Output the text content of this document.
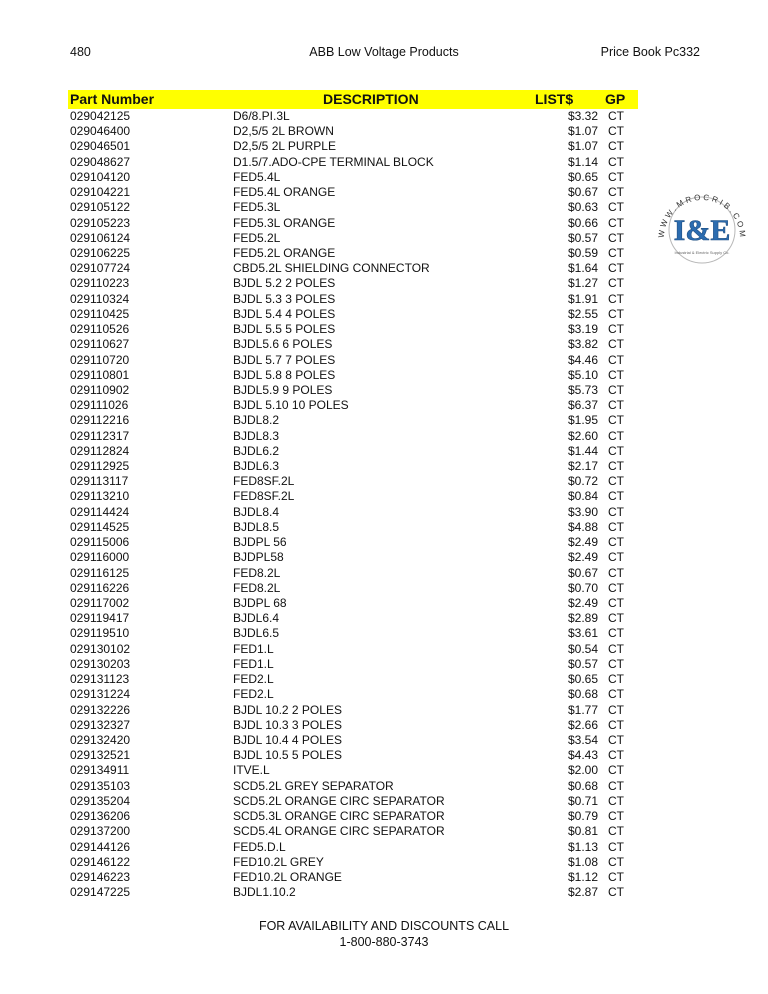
480	ABB Low Voltage Products	Price Book Pc332
Part Number	DESCRIPTION	LIST$ GP
029042125	D6/8.PI.3L	$3.32 CT
029046400	D2,5/5 2L BROWN	$1.07 CT
029046501	D2,5/5 2L PURPLE	$1.07 CT
029048627	D1.5/7.ADO-CPE TERMINAL BLOCK	$1.14 CT
029104120	FED5.4L	$0.65 CT
029104221	FED5.4L ORANGE	$0.67 CT
029105122	FED5.3L	$0.63 CT
029105223	FED5.3L ORANGE	$0.66 CT
029106124	FED5.2L	$0.57 CT
029106225	FED5.2L ORANGE	$0.59 CT
029107724	CBD5.2L SHIELDING CONNECTOR	$1.64 CT
029110223	BJDL 5.2 2 POLES	$1.27 CT
029110324	BJDL 5.3 3 POLES	$1.91 CT
029110425	BJDL 5.4 4 POLES	$2.55 CT
029110526	BJDL 5.5 5 POLES	$3.19 CT
029110627	BJDL5.6 6 POLES	$3.82 CT
029110720	BJDL 5.7 7 POLES	$4.46 CT
029110801	BJDL 5.8 8 POLES	$5.10 CT
029110902	BJDL5.9 9 POLES	$5.73 CT
029111026	BJDL 5.10 10 POLES	$6.37 CT
029112216	BJDL8.2	$1.95 CT
029112317	BJDL8.3	$2.60 CT
029112824	BJDL6.2	$1.44 CT
029112925	BJDL6.3	$2.17 CT
029113117	FED8SF.2L	$0.72 CT
029113210	FED8SF.2L	$0.84 CT
029114424	BJDL8.4	$3.90 CT
029114525	BJDL8.5	$4.88 CT
029115006	BJDPL 56	$2.49 CT
029116000	BJDPL58	$2.49 CT
029116125	FED8.2L	$0.67 CT
029116226	FED8.2L	$0.70 CT
029117002	BJDPL 68	$2.49 CT
029119417	BJDL6.4	$2.89 CT
029119510	BJDL6.5	$3.61 CT
029130102	FED1.L	$0.54 CT
029130203	FED1.L	$0.57 CT
029131123	FED2.L	$0.65 CT
029131224	FED2.L	$0.68 CT
029132226	BJDL 10.2 2 POLES	$1.77 CT
029132327	BJDL 10.3 3 POLES	$2.66 CT
029132420	BJDL 10.4 4 POLES	$3.54 CT
029132521	BJDL 10.5 5 POLES	$4.43 CT
029134911	ITVE.L	$2.00 CT
029135103	SCD5.2L GREY SEPARATOR	$0.68 CT
029135204	SCD5.2L ORANGE CIRC SEPARATOR	$0.71 CT
029136206	SCD5.3L ORANGE CIRC SEPARATOR	$0.79 CT
029137200	SCD5.4L ORANGE CIRC SEPARATOR	$0.81 CT
029144126	FED5.D.L	$1.13 CT
029146122	FED10.2L GREY	$1.08 CT
029146223	FED10.2L ORANGE	$1.12 CT
029147225	BJDL1.10.2	$2.87 CT
WWW.MROCRIB.COM
I&E
Industrial & Electric Supply Co.
FOR AVAILABILITY AND DISCOUNTS CALL
1-800-880-3743
